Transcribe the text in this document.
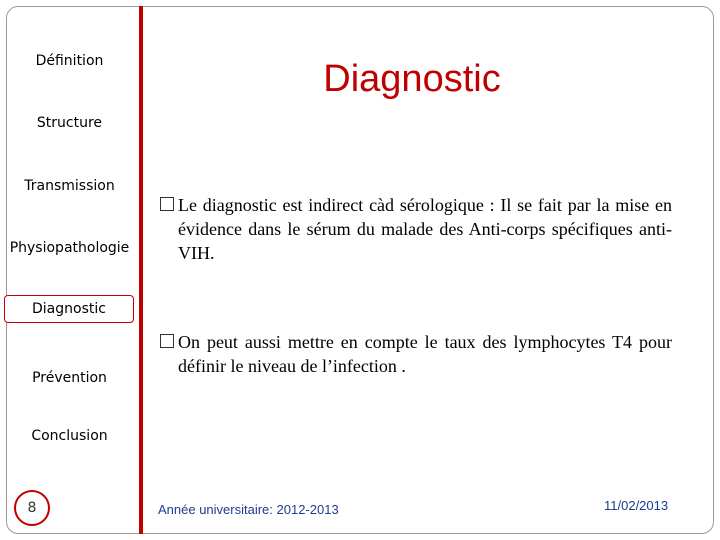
Définition
Structure
Transmission
Physiopathologie
Diagnostic
Prévention
Conclusion
Diagnostic
Le diagnostic est indirect càd sérologique : Il se fait par la mise en évidence dans le sérum du malade des Anti-corps spécifiques anti-VIH.
On peut aussi mettre en compte le taux des lymphocytes T4 pour définir le niveau de l’infection .
8	Année universitaire: 2012-2013	11/02/2013
